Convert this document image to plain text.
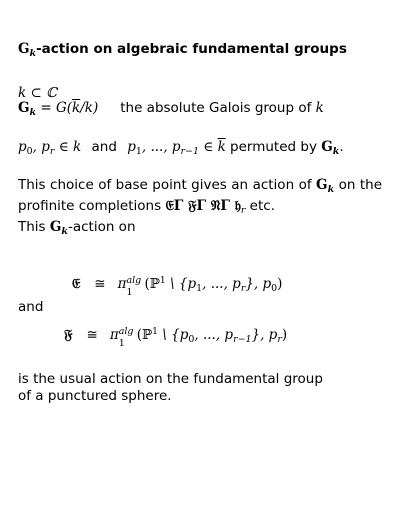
$G_k$-action on algebraic fundamental groups
k ⊂ ℂ
$G_k = G(\overline{k}/k)$ the absolute Galois group of k
$p_0$, $p_r$ ∈ k and $p_1$, ..., $p_{r-1}$ ∈ $\overline{k}$ permuted by $G_k$.
This choice of base point gives an action of $G_k$ on the profinite completions 𝔈Γ 𝔉Γ 𝔑Γ 𝔥$_r$ etc.
This $G_k$-action on
𝔈 ≅ π alg
1
(ℙ$^1$ \ {$p_1$, ..., $p_r$}, $p_0$)
and
𝔉 ≅ π alg
1
(ℙ$^1$ \ {$p_0$, ..., $p_{r-1}$}, $p_r$)
is the usual action on the fundamental group of a punctured sphere.
